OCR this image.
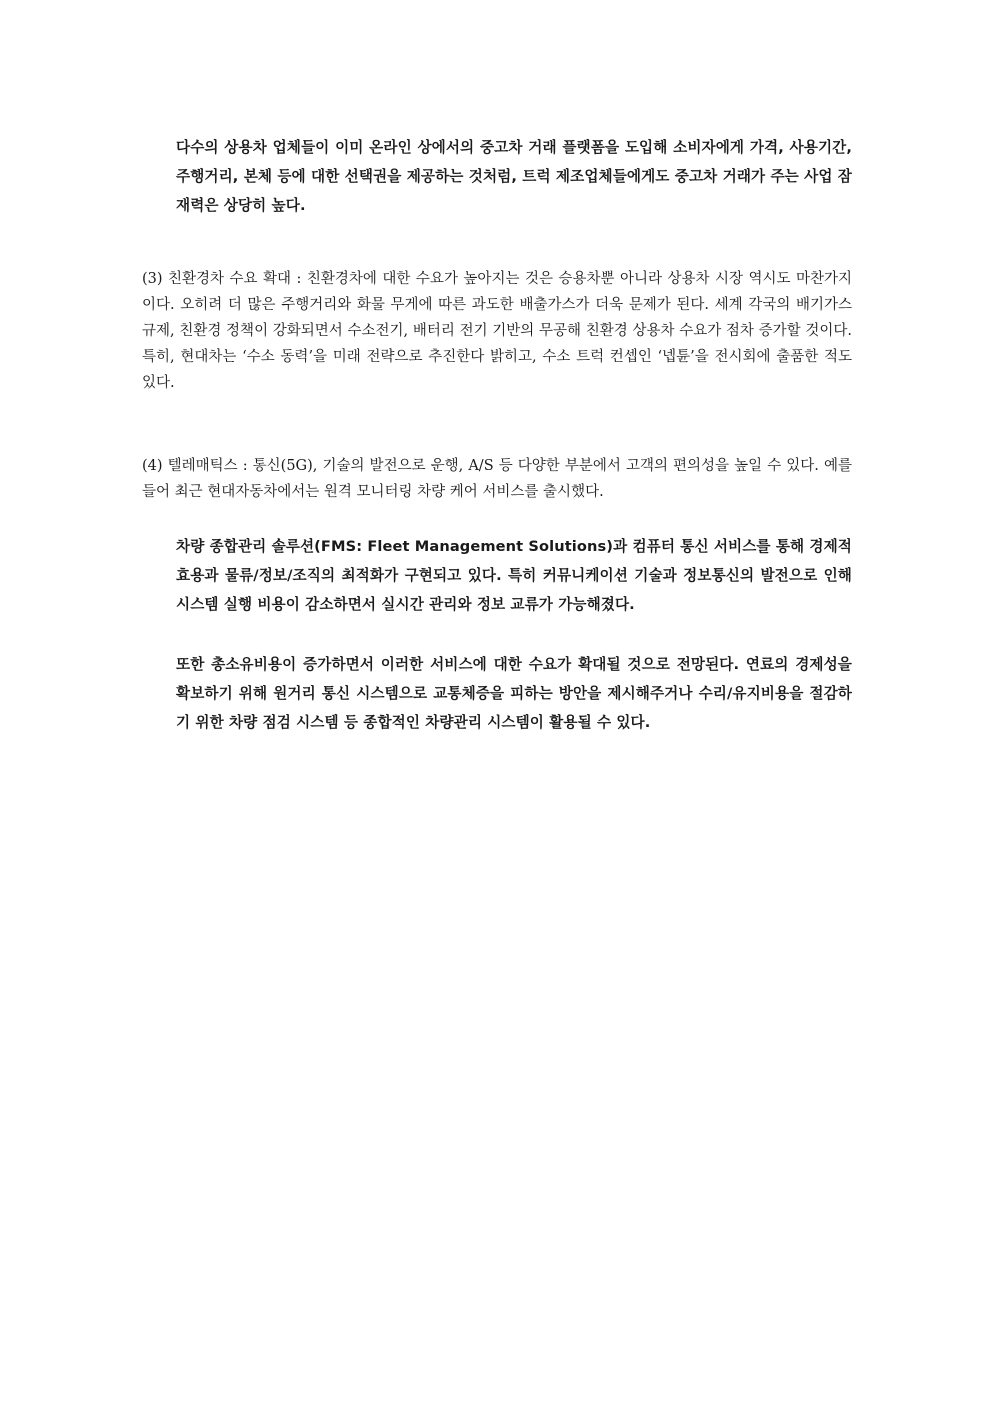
다수의 상용차 업체들이 이미 온라인 상에서의 중고차 거래 플랫폼을 도입해 소비자에게 가격, 사용기간, 주행거리, 본체 등에 대한 선택권을 제공하는 것처럼, 트럭 제조업체들에게도 중고차 거래가 주는 사업 잠재력은 상당히 높다.

(3) 친환경차 수요 확대 : 친환경차에 대한 수요가 높아지는 것은 승용차뿐 아니라 상용차 시장 역시도 마찬가지이다. 오히려 더 많은 주행거리와 화물 무게에 따른 과도한 배출가스가 더욱 문제가 된다. 세계 각국의 배기가스 규제, 친환경 정책이 강화되면서 수소전기, 배터리 전기 기반의 무공해 친환경 상용차 수요가 점차 증가할 것이다. 특히, 현대차는 ‘수소 동력’을 미래 전략으로 추진한다 밝히고, 수소 트럭 컨셉인 ‘넵튠’을 전시회에 출품한 적도 있다.

(4) 텔레매틱스 : 통신(5G), 기술의 발전으로 운행, A/S 등 다양한 부분에서 고객의 편의성을 높일 수 있다. 예를 들어 최근 현대자동차에서는 원격 모니터링 차량 케어 서비스를 출시했다.

차량 종합관리 솔루션(FMS: Fleet Management Solutions)과 컴퓨터 통신 서비스를 통해 경제적 효용과 물류/정보/조직의 최적화가 구현되고 있다. 특히 커뮤니케이션 기술과 정보통신의 발전으로 인해 시스템 실행 비용이 감소하면서 실시간 관리와 정보 교류가 가능해졌다.

또한 총소유비용이 증가하면서 이러한 서비스에 대한 수요가 확대될 것으로 전망된다. 연료의 경제성을 확보하기 위해 원거리 통신 시스템으로 교통체증을 피하는 방안을 제시해주거나 수리/유지비용을 절감하기 위한 차량 점검 시스템 등 종합적인 차량관리 시스템이 활용될 수 있다.
